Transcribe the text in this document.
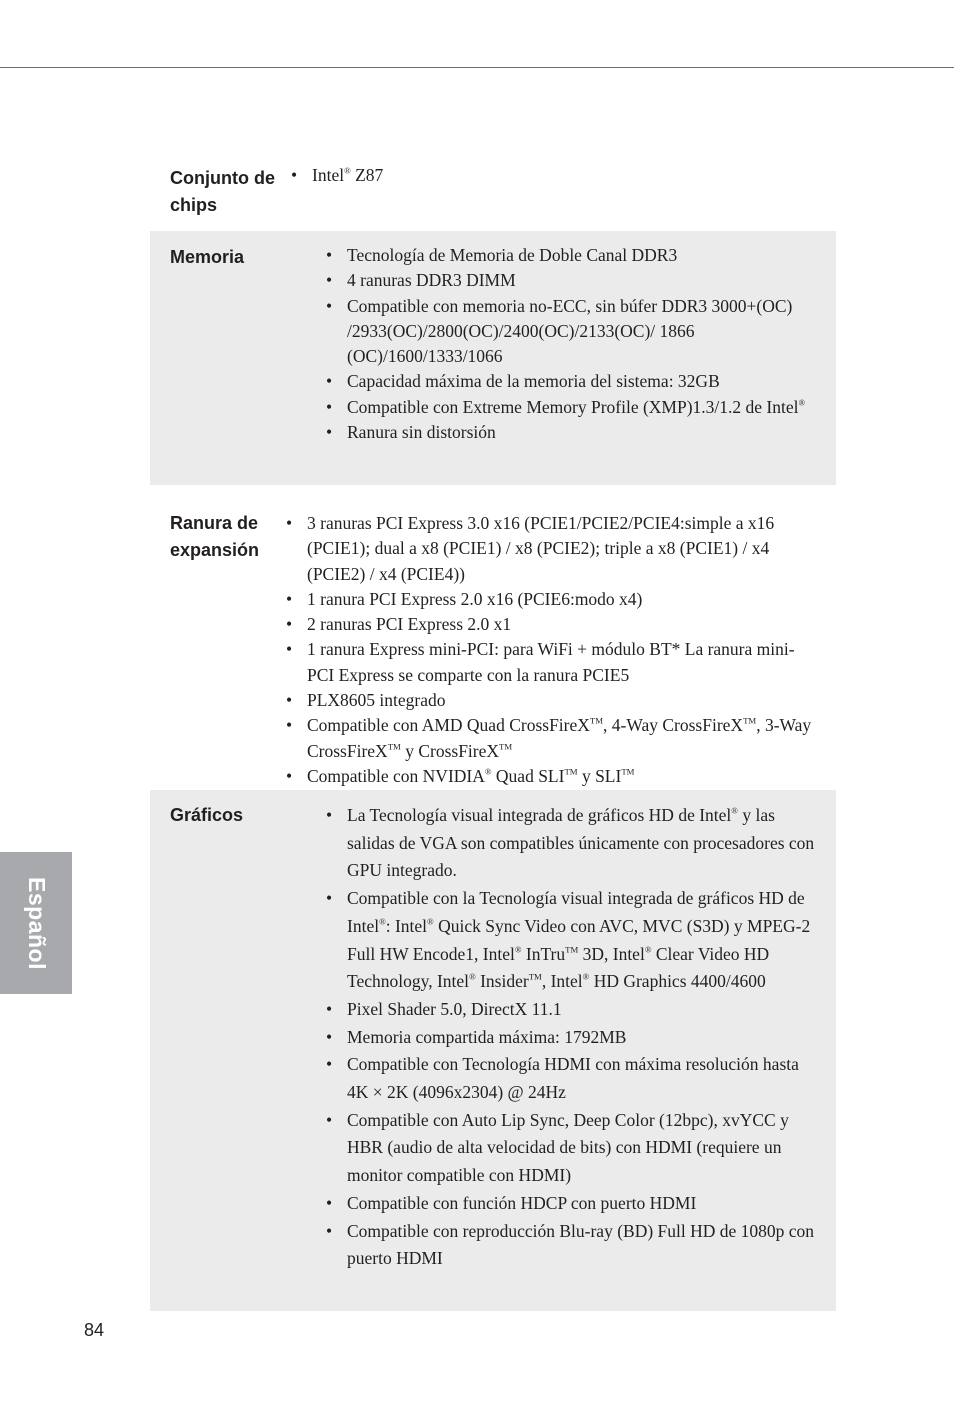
Español
Conjunto de chips
• Intel® Z87
Memoria	• Tecnología de Memoria de Doble Canal DDR3
• 4 ranuras DDR3 DIMM
• Compatible con memoria no-ECC, sin búfer DDR3 3000+(OC) /2933(OC)/2800(OC)/2400(OC)/2133(OC)/ 1866 (OC)/1600/1333/1066
• Capacidad máxima de la memoria del sistema: 32GB
• Compatible con Extreme Memory Profile (XMP)1.3/1.2 de Intel®
• Ranura sin distorsión
Ranura de expansión
• 3 ranuras PCI Express 3.0 x16 (PCIE1/PCIE2/PCIE4:simple a x16 (PCIE1); dual a x8 (PCIE1) / x8 (PCIE2); triple a x8 (PCIE1) / x4 (PCIE2) / x4 (PCIE4))
• 1 ranura PCI Express 2.0 x16 (PCIE6:modo x4)
• 2 ranuras PCI Express 2.0 x1
• 1 ranura Express mini-PCI: para WiFi + módulo BT* La ranura mini-PCI Express se comparte con la ranura PCIE5
• PLX8605 integrado
• Compatible con AMD Quad CrossFireX™, 4-Way CrossFireX™, 3-Way CrossFireX™ y CrossFireX™
• Compatible con NVIDIA® Quad SLI™ y SLI™
Gráficos	• La Tecnología visual integrada de gráficos HD de Intel® y las salidas de VGA son compatibles únicamente con procesadores con GPU integrado.
• Compatible con la Tecnología visual integrada de gráficos HD de Intel®: Intel® Quick Sync Video con AVC, MVC (S3D) y MPEG-2 Full HW Encode1, Intel® InTru™ 3D, Intel® Clear Video HD Technology, Intel® Insider™, Intel® HD Graphics 4400/4600
• Pixel Shader 5.0, DirectX 11.1
• Memoria compartida máxima: 1792MB
• Compatible con Tecnología HDMI con máxima resolución hasta 4K × 2K (4096x2304) @ 24Hz
• Compatible con Auto Lip Sync, Deep Color (12bpc), xvYCC y HBR (audio de alta velocidad de bits) con HDMI (requiere un monitor compatible con HDMI)
• Compatible con función HDCP con puerto HDMI
• Compatible con reproducción Blu-ray (BD) Full HD de 1080p con puerto HDMI
84
